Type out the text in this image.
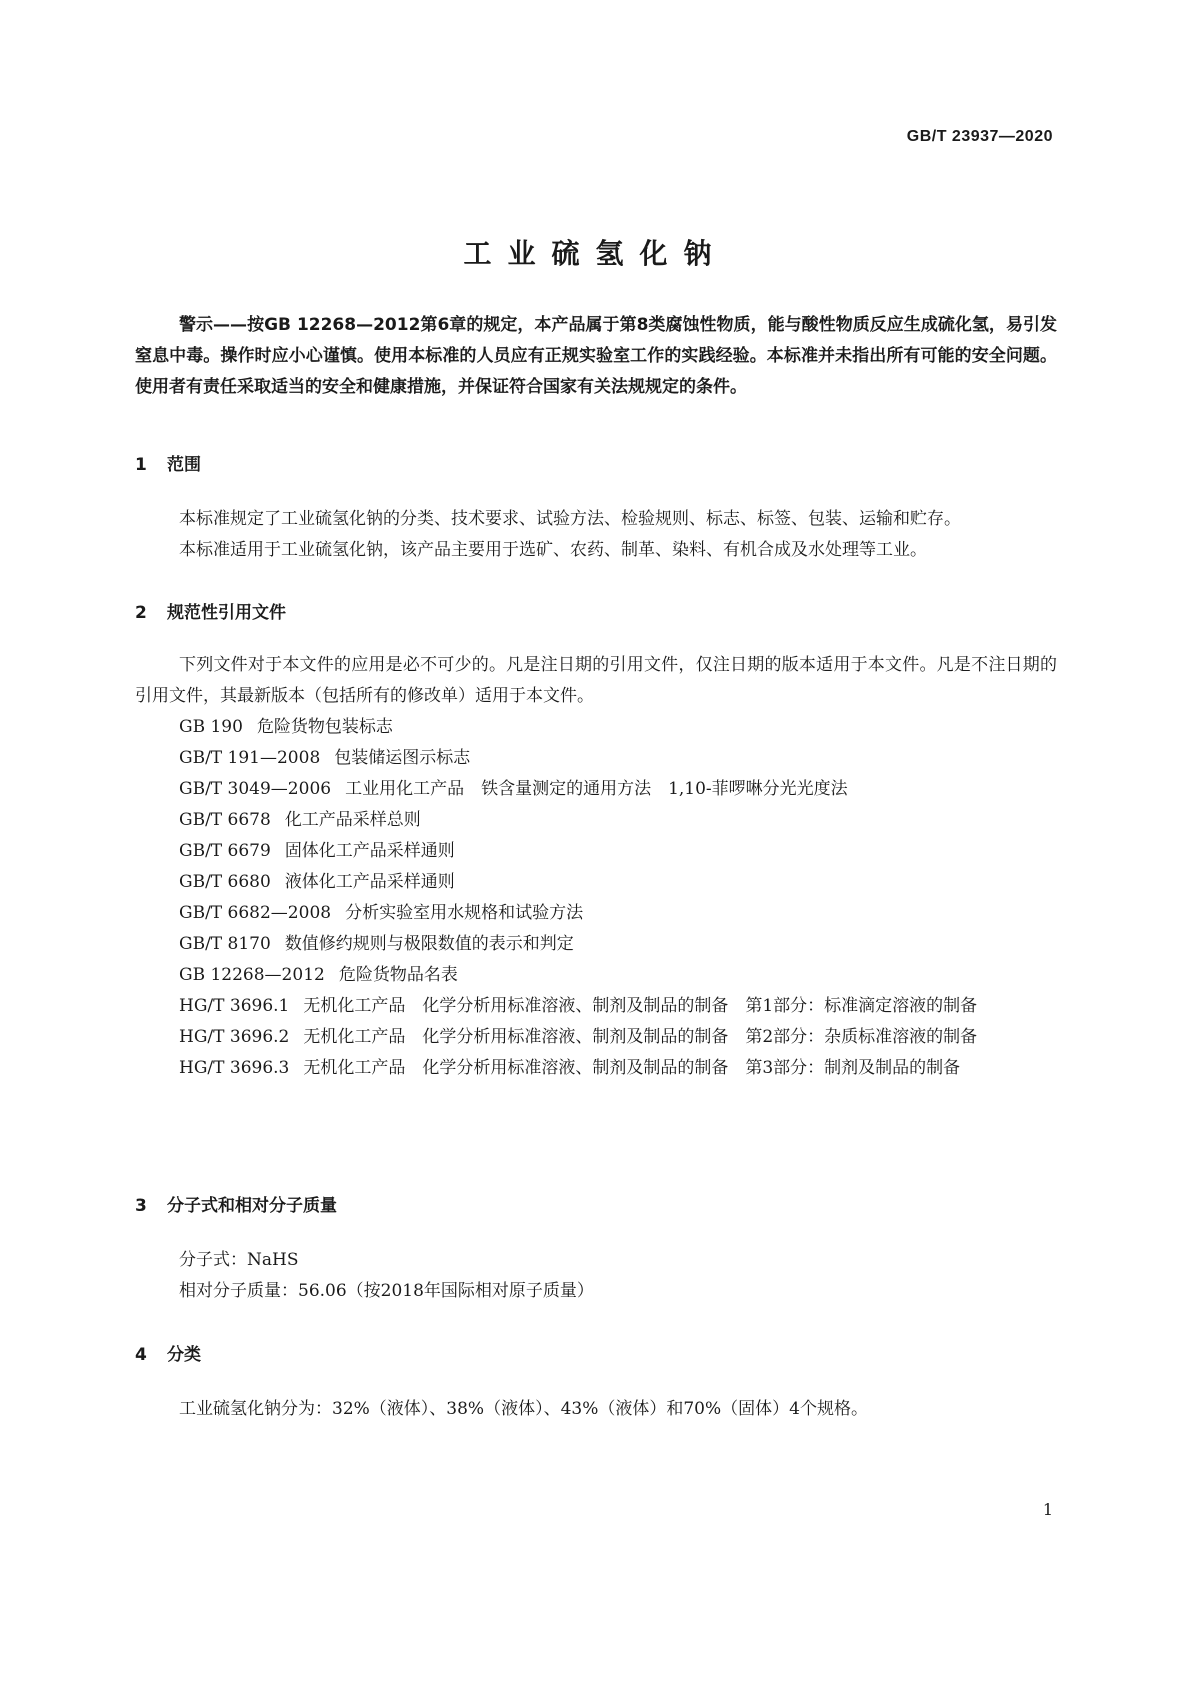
GB/T 23937—2020
工业硫氢化钠

警示——按GB 12268—2012第6章的规定，本产品属于第8类腐蚀性物质，能与酸性物质反应生成硫化氢，易引发窒息中毒。操作时应小心谨慎。使用本标准的人员应有正规实验室工作的实践经验。本标准并未指出所有可能的安全问题。使用者有责任采取适当的安全和健康措施，并保证符合国家有关法规规定的条件。

1 范围

本标准规定了工业硫氢化钠的分类、技术要求、试验方法、检验规则、标志、标签、包装、运输和贮存。

本标准适用于工业硫氢化钠，该产品主要用于选矿、农药、制革、染料、有机合成及水处理等工业。

2 规范性引用文件

下列文件对于本文件的应用是必不可少的。凡是注日期的引用文件，仅注日期的版本适用于本文件。凡是不注日期的引用文件，其最新版本（包括所有的修改单）适用于本文件。

GB 190 危险货物包装标志

GB/T 191—2008 包装储运图示标志

GB/T 3049—2006 工业用化工产品　铁含量测定的通用方法　1,10-菲啰啉分光光度法

GB/T 6678 化工产品采样总则

GB/T 6679 固体化工产品采样通则

GB/T 6680 液体化工产品采样通则

GB/T 6682—2008 分析实验室用水规格和试验方法

GB/T 8170 数值修约规则与极限数值的表示和判定

GB 12268—2012 危险货物品名表

HG/T 3696.1 无机化工产品　化学分析用标准溶液、制剂及制品的制备　第1部分：标准滴定溶液的制备

HG/T 3696.2 无机化工产品　化学分析用标准溶液、制剂及制品的制备　第2部分：杂质标准溶液的制备

HG/T 3696.3 无机化工产品　化学分析用标准溶液、制剂及制品的制备　第3部分：制剂及制品的制备

3 分子式和相对分子质量

分子式：NaHS

相对分子质量：56.06（按2018年国际相对原子质量）

4 分类

工业硫氢化钠分为：32%（液体）、38%（液体）、43%（液体）和70%（固体）4个规格。

1
